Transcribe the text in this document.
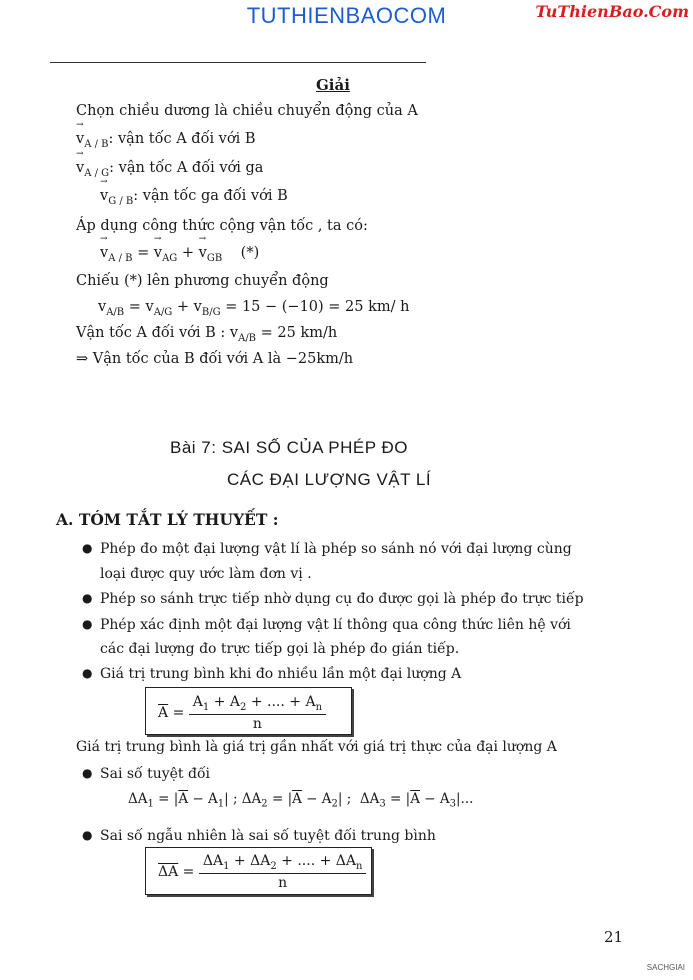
TUTHIENBAOCOM	TuThienBao.Com
Giải
Chọn chiều dương là chiều chuyển động của A
→ $v_{A / B}$: vận tốc A đối với B
→ $v_{A / G}$: vận tốc A đối với ga
→ $v_{G / B}$: vận tốc ga đối với B
Áp dụng công thức cộng vận tốc , ta có:
→ $v_{A / B}$ = → $v_{AG}$ + → $v_{GB}$ (*)
Chiếu (*) lên phương chuyển động
$v_{A/B} = v_{A/G} + v_{B/G} = 15 - (-10) = 25$ km/ h
Vận tốc A đối với B : $v_{A/B} = 25$ km/h
⇒ Vận tốc của B đối với A là −25km/h
Bài 7: SAI SỐ CỦA PHÉP ĐO
CÁC ĐẠI LƯỢNG VẬT LÍ
A. TÓM TẮT LÝ THUYẾT :
● Phép đo một đại lượng vật lí là phép so sánh nó với đại lượng cùng
loại được quy ước làm đơn vị .
● Phép so sánh trực tiếp nhờ dụng cụ đo được gọi là phép đo trực tiếp
● Phép xác định một đại lượng vật lí thông qua công thức liên hệ với
các đại lượng đo trực tiếp gọi là phép đo gián tiếp.
● Giá trị trung bình khi đo nhiều lần một đại lượng A
$\overline{A} = \frac{A_1 + A_2 + .... + A_n}{n}$
Giá trị trung bình là giá trị gần nhất với giá trị thực của đại lượng A
● Sai số tuyệt đối
$\Delta A_1 = |\overline{A} - A_1|$ ; $\Delta A_2 = |\overline{A} - A_2|$ ;  $\Delta A_3 = |\overline{A} - A_3|$...
● Sai số ngẫu nhiên là sai số tuyệt đối trung bình
$\overline{\Delta A} = \frac{\Delta A_1 + \Delta A_2 + .... + \Delta A_n}{n}$
21
SACHGIAI
